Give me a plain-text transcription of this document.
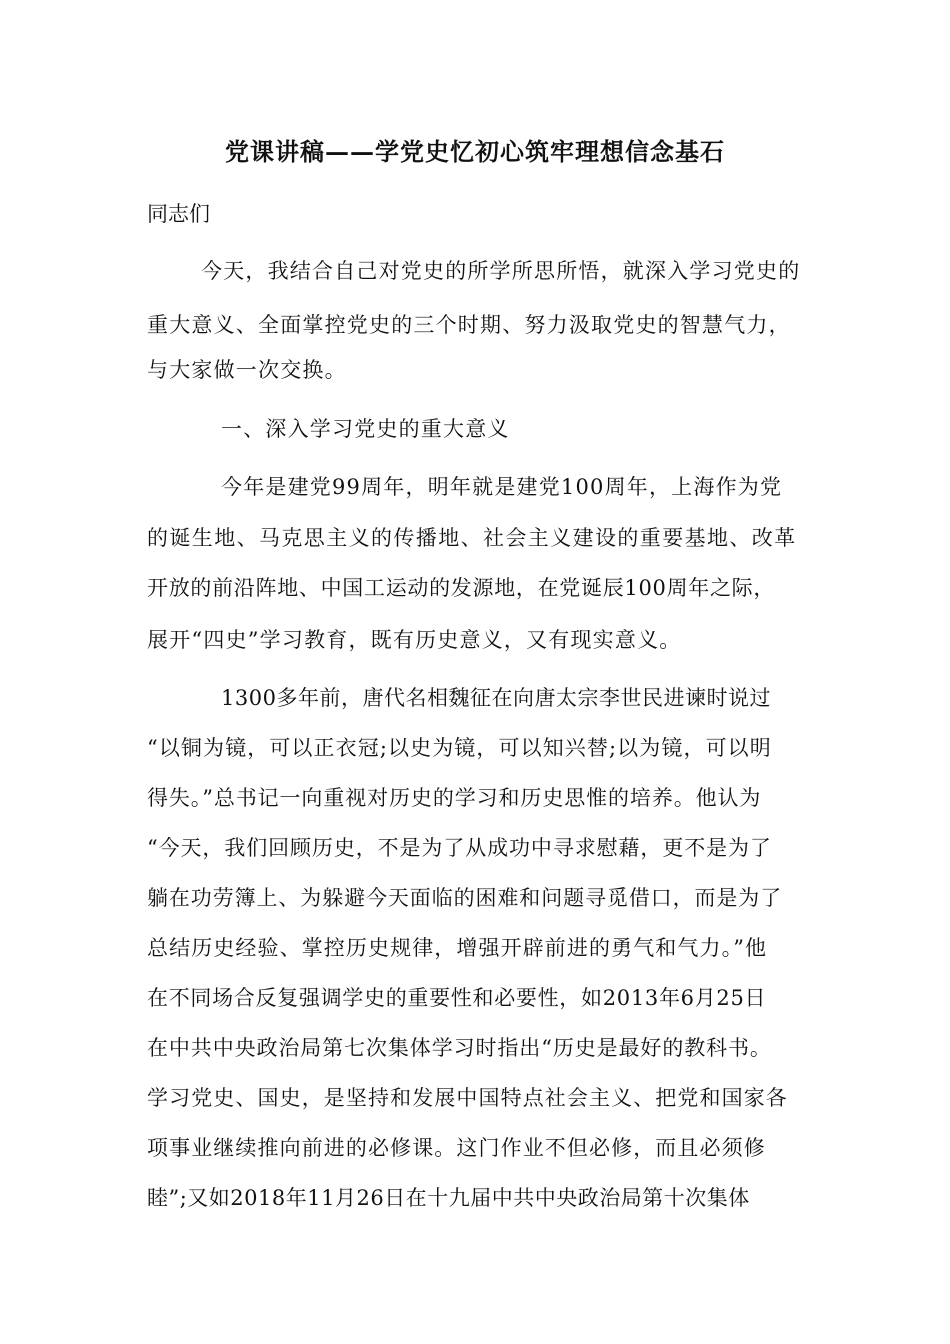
党课讲稿——学党史忆初心筑牢理想信念基石
同志们
今天，我结合自己对党史的所学所思所悟，就深入学习党史的
重大意义、全面掌控党史的三个时期、努力汲取党史的智慧气力，
与大家做一次交换。
一、深入学习党史的重大意义
今年是建党99周年，明年就是建党100周年，上海作为党
的诞生地、马克思主义的传播地、社会主义建设的重要基地、改革
开放的前沿阵地、中国工运动的发源地，在党诞辰100周年之际，
展开“四史”学习教育，既有历史意义，又有现实意义。
1300多年前，唐代名相魏征在向唐太宗李世民进谏时说过
“以铜为镜，可以正衣冠;以史为镜，可以知兴替;以为镜，可以明
得失。”总书记一向重视对历史的学习和历史思惟的培养。他认为
“今天，我们回顾历史，不是为了从成功中寻求慰藉，更不是为了
躺在功劳簿上、为躲避今天面临的困难和问题寻觅借口，而是为了
总结历史经验、掌控历史规律，增强开辟前进的勇气和气力。”他
在不同场合反复强调学史的重要性和必要性，如2013年6月25日
在中共中央政治局第七次集体学习时指出“历史是最好的教科书。
学习党史、国史，是坚持和发展中国特点社会主义、把党和国家各
项事业继续推向前进的必修课。这门作业不但必修，而且必须修
睦”;又如2018年11月26日在十九届中共中央政治局第十次集体
